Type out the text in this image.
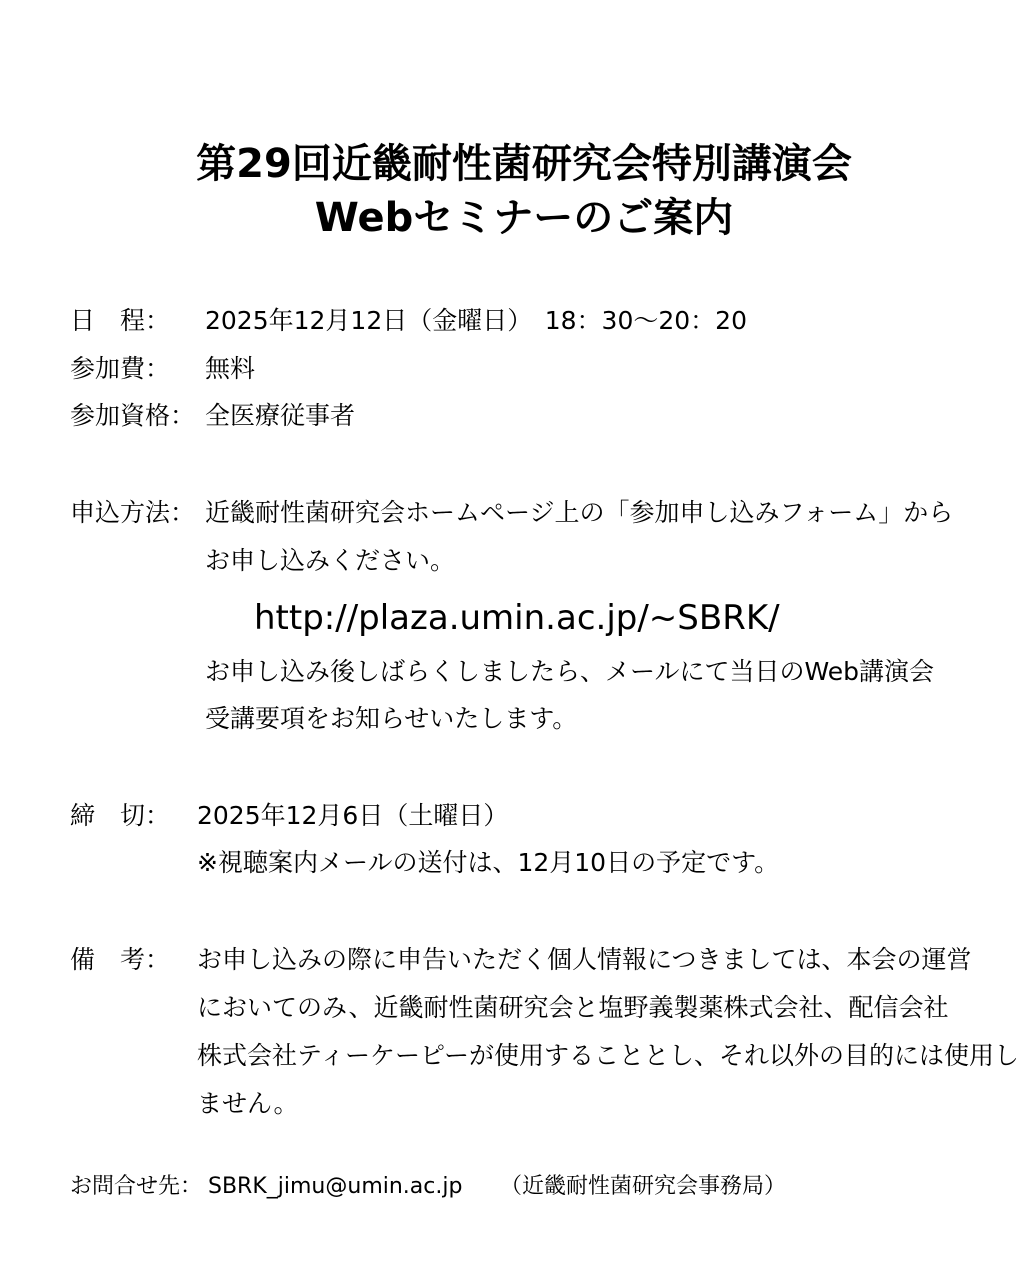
第29回近畿耐性菌研究会特別講演会
Webセミナーのご案内
日　程： 2025年12月12日（金曜日）　18：30〜20：20
参加費： 無料
参加資格： 全医療従事者
申込方法： 近畿耐性菌研究会ホームページ上の「参加申し込みフォーム」から
お申し込みください。
http://plaza.umin.ac.jp/~SBRK/
お申し込み後しばらくしましたら、メールにて当日のWeb講演会
受講要項をお知らせいたします。
締　切： 2025年12月6日（土曜日）
※視聴案内メールの送付は、12月10日の予定です。
備　考： お申し込みの際に申告いただく個人情報につきましては、本会の運営
においてのみ、近畿耐性菌研究会と塩野義製薬株式会社、配信会社
株式会社ティーケーピーが使用することとし、それ以外の目的には使用し
ません。
お問合せ先： SBRK_jimu@umin.ac.jp （近畿耐性菌研究会事務局）
